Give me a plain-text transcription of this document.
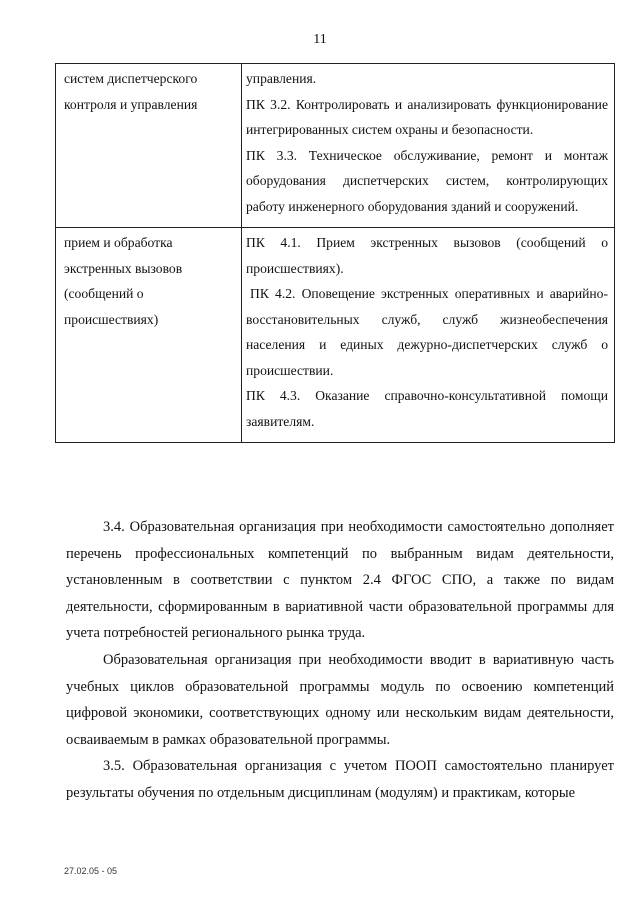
11
систем диспетчерского контроля и управления	управления.

ПК 3.2. Контролировать и анализировать функционирование интегрированных систем охраны и безопасности.

ПК 3.3. Техническое обслуживание, ремонт и монтаж оборудования диспетчерских систем, контролирующих работу инженерного оборудования зданий и сооружений.

прием и обработка экстренных вызовов (сообщений о происшествиях)	ПК 4.1. Прием экстренных вызовов (сообщений о происшествиях).

ПК 4.2. Оповещение экстренных оперативных и аварийно-восстановительных служб, служб жизнеобеспечения населения и единых дежурно-диспетчерских служб о происшествии.

ПК 4.3. Оказание справочно-консультативной помощи заявителям.

3.4. Образовательная организация при необходимости самостоятельно дополняет перечень профессиональных компетенций по выбранным видам деятельности, установленным в соответствии с пунктом 2.4 ФГОС СПО, а также по видам деятельности, сформированным в вариативной части образовательной программы для учета потребностей регионального рынка труда.

Образовательная организация при необходимости вводит в вариативную часть учебных циклов образовательной программы модуль по освоению компетенций цифровой экономики, соответствующих одному или нескольким видам деятельности, осваиваемым в рамках образовательной программы.

3.5. Образовательная организация с учетом ПООП самостоятельно планирует результаты обучения по отдельным дисциплинам (модулям) и практикам, которые

27.02.05 - 05
